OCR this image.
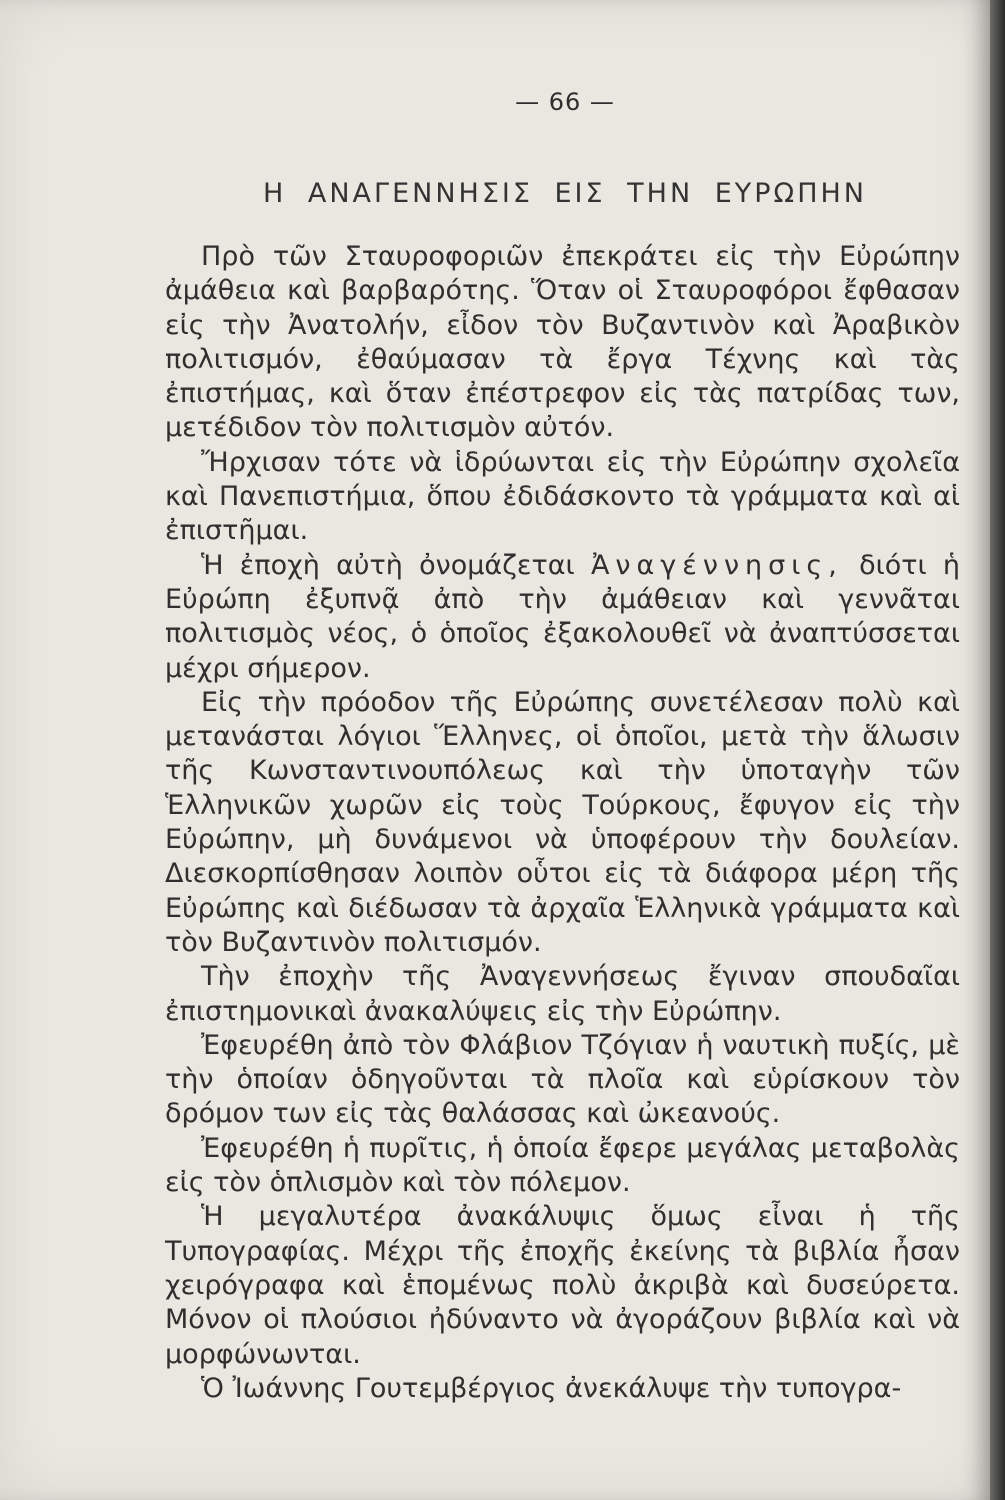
— 66 —
Η ΑΝΑΓΕΝΝΗΣΙΣ ΕΙΣ ΤΗΝ ΕΥΡΩΠΗΝ

Πρὸ τῶν Σταυροφοριῶν ἐπεκράτει εἰς τὴν Εὐρώπην ἀμάθεια καὶ βαρβαρότης. Ὅταν οἱ Σταυροφόροι ἔφθασαν εἰς τὴν Ἀνατολήν, εἶδον τὸν Βυζαντινὸν καὶ Ἀραβικὸν πολιτισμόν, ἐθαύμασαν τὰ ἔργα Τέχνης καὶ τὰς ἐπιστήμας, καὶ ὅταν ἐπέστρεφον εἰς τὰς πατρίδας των, μετέδιδον τὸν πολιτισμὸν αὐτόν.

Ἤρχισαν τότε νὰ ἱδρύωνται εἰς τὴν Εὐρώπην σχολεῖα καὶ Πανεπιστήμια, ὅπου ἐδιδάσκοντο τὰ γράμματα καὶ αἱ ἐπιστῆμαι.

Ἡ ἐποχὴ αὐτὴ ὀνομάζεται Ἀναγέννησις, διότι ἡ Εὐρώπη ἐξυπνᾷ ἀπὸ τὴν ἀμάθειαν καὶ γεννᾶται πολιτισμὸς νέος, ὁ ὁποῖος ἐξακολουθεῖ νὰ ἀναπτύσσεται μέχρι σήμερον.

Εἰς τὴν πρόοδον τῆς Εὐρώπης συνετέλεσαν πολὺ καὶ μετανάσται λόγιοι Ἕλληνες, οἱ ὁποῖοι, μετὰ τὴν ἅλωσιν τῆς Κωνσταντινουπόλεως καὶ τὴν ὑποταγὴν τῶν Ἑλληνικῶν χωρῶν εἰς τοὺς Τούρκους, ἔφυγον εἰς τὴν Εὐρώπην, μὴ δυνάμενοι νὰ ὑποφέρουν τὴν δουλείαν. Διεσκορπίσθησαν λοιπὸν οὗτοι εἰς τὰ διάφορα μέρη τῆς Εὐρώπης καὶ διέδωσαν τὰ ἀρχαῖα Ἑλληνικὰ γράμματα καὶ τὸν Βυζαντινὸν πολιτισμόν.

Τὴν ἐποχὴν τῆς Ἀναγεννήσεως ἔγιναν σπουδαῖαι ἐπιστημονικαὶ ἀνακαλύψεις εἰς τὴν Εὐρώπην.

Ἐφευρέθη ἀπὸ τὸν Φλάβιον Τζόγιαν ἡ ναυτικὴ πυξίς, μὲ τὴν ὁποίαν ὁδηγοῦνται τὰ πλοῖα καὶ εὑρίσκουν τὸν δρόμον των εἰς τὰς θαλάσσας καὶ ὠκεανούς.

Ἐφευρέθη ἡ πυρῖτις, ἡ ὁποία ἔφερε μεγάλας μεταβολὰς εἰς τὸν ὁπλισμὸν καὶ τὸν πόλεμον.

Ἡ μεγαλυτέρα ἀνακάλυψις ὅμως εἶναι ἡ τῆς Τυπογραφίας. Μέχρι τῆς ἐποχῆς ἐκείνης τὰ βιβλία ἦσαν χειρόγραφα καὶ ἑπομένως πολὺ ἀκριβὰ καὶ δυσεύρετα. Μόνον οἱ πλούσιοι ἠδύναντο νὰ ἀγοράζουν βιβλία καὶ νὰ μορφώνωνται.

Ὁ Ἰωάννης Γουτεμβέργιος ἀνεκάλυψε τὴν τυπογρα-
